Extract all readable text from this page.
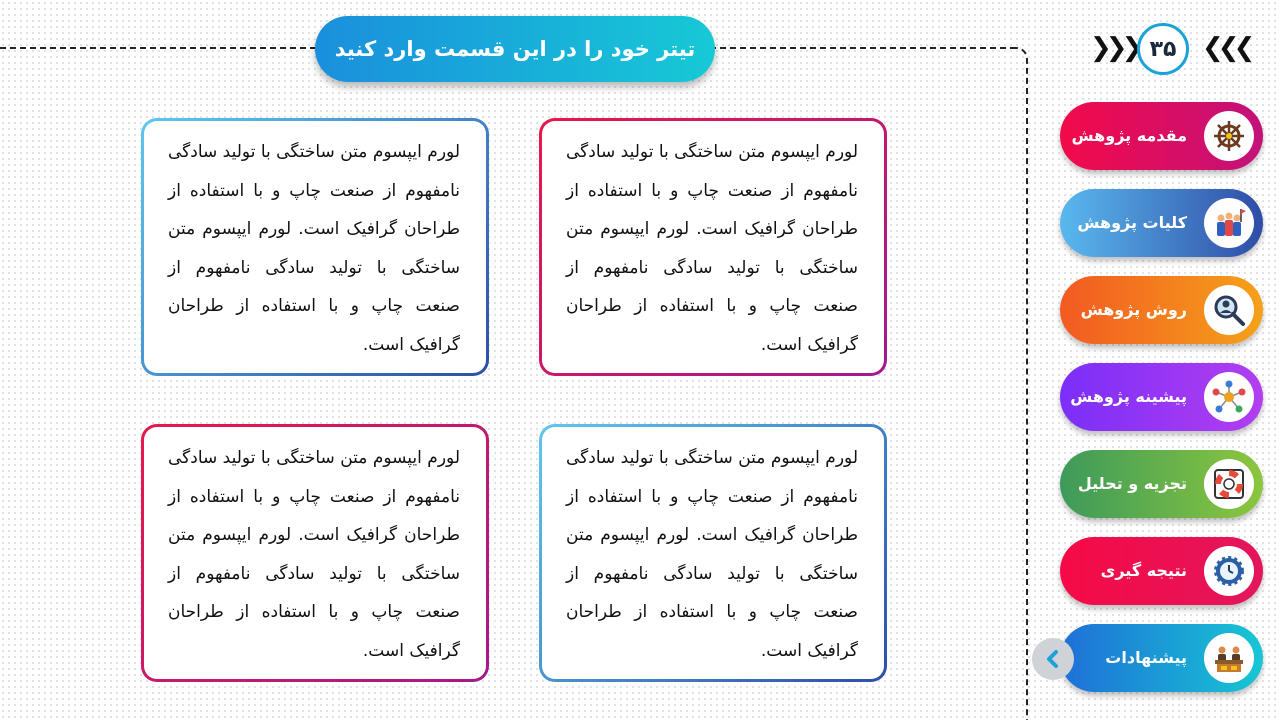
تیتر خود را در این قسمت وارد کنید	❯❯❯ ۳۵ ❮❮❮
لورم ایپسوم متن ساختگی با تولید سادگی نامفهوم از صنعت چاپ و با استفاده از طراحان گرافیک است. لورم ایپسوم متن ساختگی با تولید سادگی نامفهوم از صنعت چاپ و با استفاده از طراحان گرافیک است.
لورم ایپسوم متن ساختگی با تولید سادگی نامفهوم از صنعت چاپ و با استفاده از طراحان گرافیک است. لورم ایپسوم متن ساختگی با تولید سادگی نامفهوم از صنعت چاپ و با استفاده از طراحان گرافیک است.
لورم ایپسوم متن ساختگی با تولید سادگی نامفهوم از صنعت چاپ و با استفاده از طراحان گرافیک است. لورم ایپسوم متن ساختگی با تولید سادگی نامفهوم از صنعت چاپ و با استفاده از طراحان گرافیک است.
لورم ایپسوم متن ساختگی با تولید سادگی نامفهوم از صنعت چاپ و با استفاده از طراحان گرافیک است. لورم ایپسوم متن ساختگی با تولید سادگی نامفهوم از صنعت چاپ و با استفاده از طراحان گرافیک است.
مقدمه پژوهش
کلیات پژوهش
روش پژوهش
پیشینه پژوهش
تجزیه و تحلیل
نتیجه گیری
پیشنهادات
